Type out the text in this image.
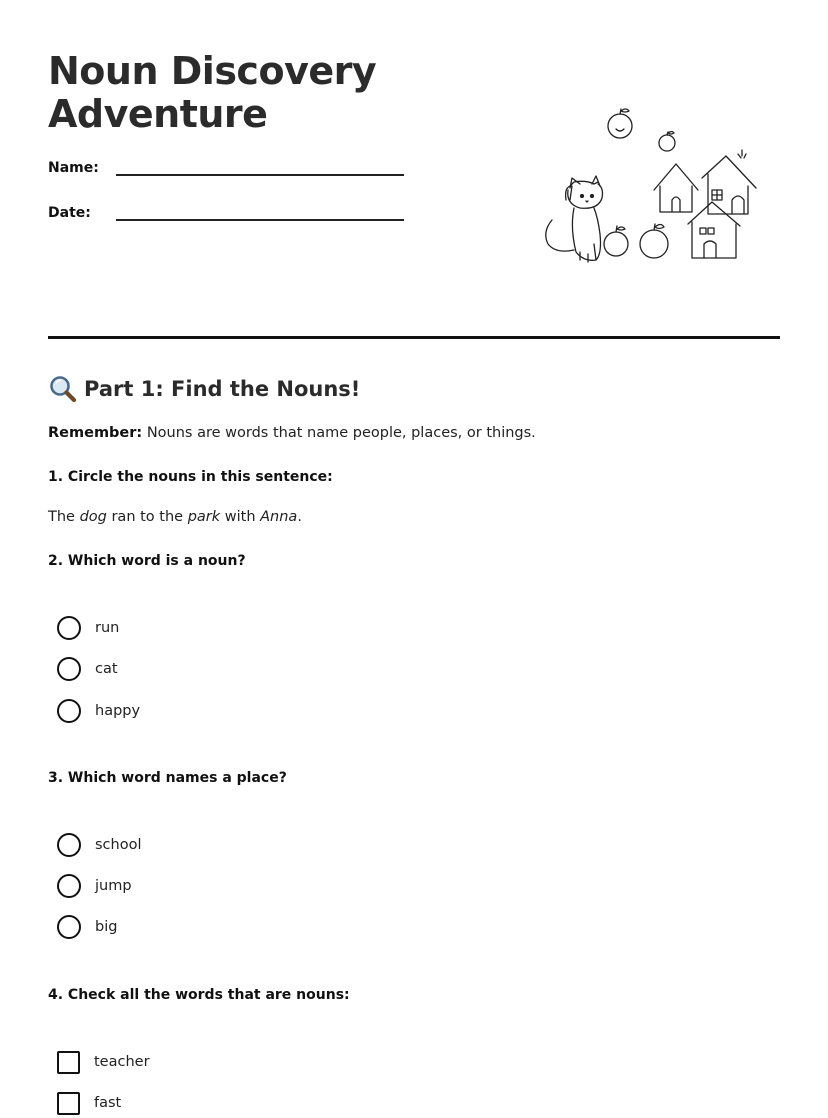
Noun Discovery
Adventure
Name:
Date:
Part 1: Find the Nouns!
Remember: Nouns are words that name people, places, or things.
1. Circle the nouns in this sentence:
The dog ran to the park with Anna.
2. Which word is a noun?
run
cat
happy
3. Which word names a place?
school
jump
big
4. Check all the words that are nouns:
teacher
fast
